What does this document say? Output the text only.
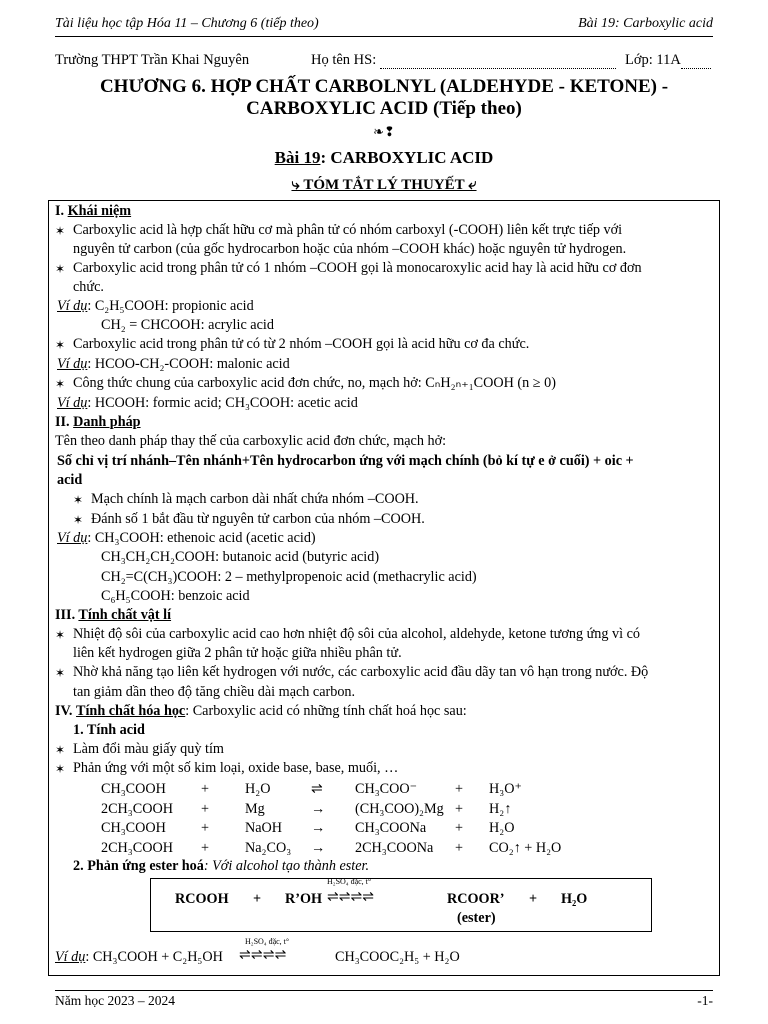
Tài liệu học tập Hóa 11 – Chương 6 (tiếp theo)	Bài 19: Carboxylic acid
Trường THPT Trần Khai Nguyên	Họ tên HS:	Lớp: 11A
CHƯƠNG 6. HỢP CHẤT CARBOLNYL (ALDEHYDE - KETONE) -
CARBOXYLIC ACID (Tiếp theo)
❧❢
Bài 19: CARBOXYLIC ACID
⤷ TÓM TẮT LÝ THUYẾT ⤶
I. Khái niệm
✶ Carboxylic acid là hợp chất hữu cơ mà phân tử có nhóm carboxyl (-COOH) liên kết trực tiếp với
nguyên tử carbon (của gốc hydrocarbon hoặc của nhóm –COOH khác) hoặc nguyên tử hydrogen.
✶ Carboxylic acid trong phân tử có 1 nhóm –COOH gọi là monocaroxylic acid hay là acid hữu cơ đơn
chức.
Ví dụ: C₂H₅COOH: propionic acid
CH₂ = CHCOOH: acrylic acid
✶ Carboxylic acid trong phân tử có từ 2 nhóm –COOH gọi là acid hữu cơ đa chức.
Ví dụ: HCOO-CH₂-COOH: malonic acid
✶ Công thức chung của carboxylic acid đơn chức, no, mạch hở: CₙH₂ₙ₊₁COOH (n ≥ 0)
Ví dụ: HCOOH: formic acid; CH₃COOH: acetic acid
II. Danh pháp
Tên theo danh pháp thay thế của carboxylic acid đơn chức, mạch hở:
Số chỉ vị trí nhánh–Tên nhánh+Tên hydrocarbon ứng với mạch chính (bỏ kí tự e ở cuối) + oic +
acid
✶ Mạch chính là mạch carbon dài nhất chứa nhóm –COOH.
✶ Đánh số 1 bắt đầu từ nguyên tử carbon của nhóm –COOH.
Ví dụ: CH₃COOH: ethenoic acid (acetic acid)
CH₃CH₂CH₂COOH: butanoic acid (butyric acid)
CH₂=C(CH₃)COOH: 2 – methylpropenoic acid (methacrylic acid)
C₆H₅COOH: benzoic acid
III. Tính chất vật lí
✶ Nhiệt độ sôi của carboxylic acid cao hơn nhiệt độ sôi của alcohol, aldehyde, ketone tương ứng vì có
liên kết hydrogen giữa 2 phân tử hoặc giữa nhiều phân tử.
✶ Nhờ khả năng tạo liên kết hydrogen với nước, các carboxylic acid đầu dãy tan vô hạn trong nước. Độ
tan giảm dần theo độ tăng chiều dài mạch carbon.
IV. Tính chất hóa học: Carboxylic acid có những tính chất hoá học sau:
1. Tính acid
✶ Làm đổi màu giấy quỳ tím
✶ Phản ứng với một số kim loại, oxide base, base, muối, …
CH₃COOH +	H₂O	⇌ CH₃COO⁻	+ H₃O⁺
2CH₃COOH +	Mg	→ (CH₃COO)₂Mg + H₂↑
CH₃COOH +	NaOH → CH₃COONa + H₂O
2CH₃COOH +	Na₂CO₃ → 2CH₃COONa + CO₂↑ + H₂O
2. Phản ứng ester hoá: Với alcohol tạo thành ester.
RCOOH + R’OH
H₂SO₄ đặc, t°
⇌⇌⇌⇌	RCOOR’ + H₂O
(ester)
Ví dụ: CH₃COOH + C₂H₅OH
H₂SO₄ đặc, t°
⇌⇌⇌⇌	CH₃COOC₂H₅ + H₂O
Năm học 2023 – 2024	-1-
